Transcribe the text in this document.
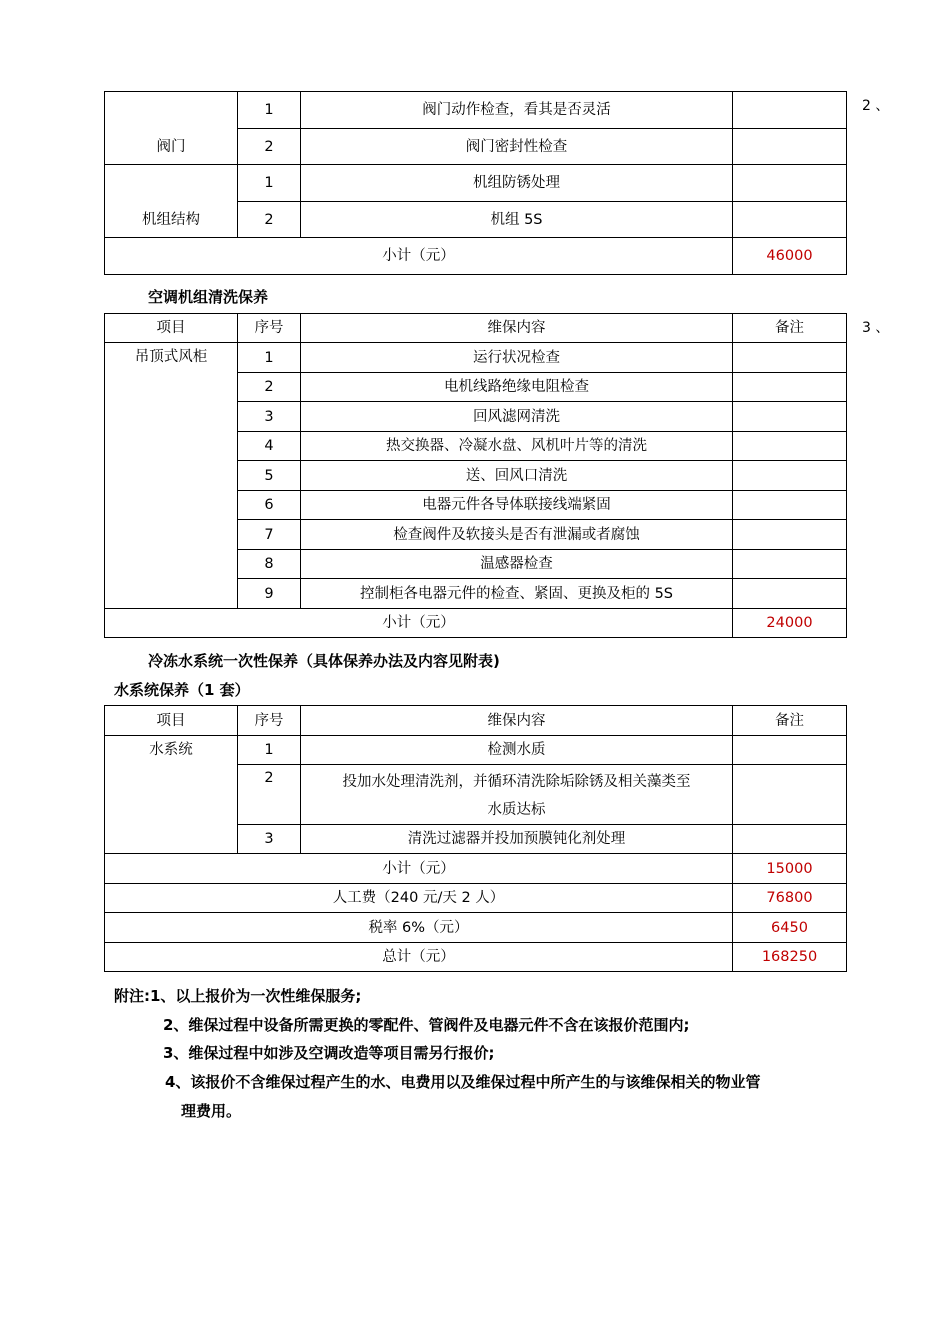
2 、
3 、
阀门	1	阀门动作检查，看其是否灵活	
	2	阀门密封性检查	
机组结构	1	机组防锈处理	
	2	机组 5S	
小计（元）			46000
空调机组清洗保养
项目	序号	维保内容	备注
吊顶式风柜	1	运行状况检查	
	2	电机线路绝缘电阻检查	
	3	回风滤网清洗	
	4	热交换器、冷凝水盘、风机叶片等的清洗	
	5	送、回风口清洗	
	6	电器元件各导体联接线端紧固	
	7	检查阀件及软接头是否有泄漏或者腐蚀	
	8	温感器检查	
	9	控制柜各电器元件的检查、紧固、更换及柜的 5S	
小计（元）			24000
冷冻水系统一次性保养（具体保养办法及内容见附表)
水系统保养（1 套）
项目	序号	维保内容	备注
水系统	1	检测水质	
	2	投加水处理清洗剂，并循环清洗除垢除锈及相关藻类至
水质达标	

	3	清洗过滤器并投加预膜钝化剂处理	
小计（元）			15000
人工费（240 元/天 2 人）			76800
税率 6%（元）			6450
总计（元）			168250
附注:1、以上报价为一次性维保服务;
2、维保过程中设备所需更换的零配件、管阀件及电器元件不含在该报价范围内;
3、维保过程中如涉及空调改造等项目需另行报价;
4、该报价不含维保过程产生的水、电费用以及维保过程中所产生的与该维保相关的物业管
理费用。
